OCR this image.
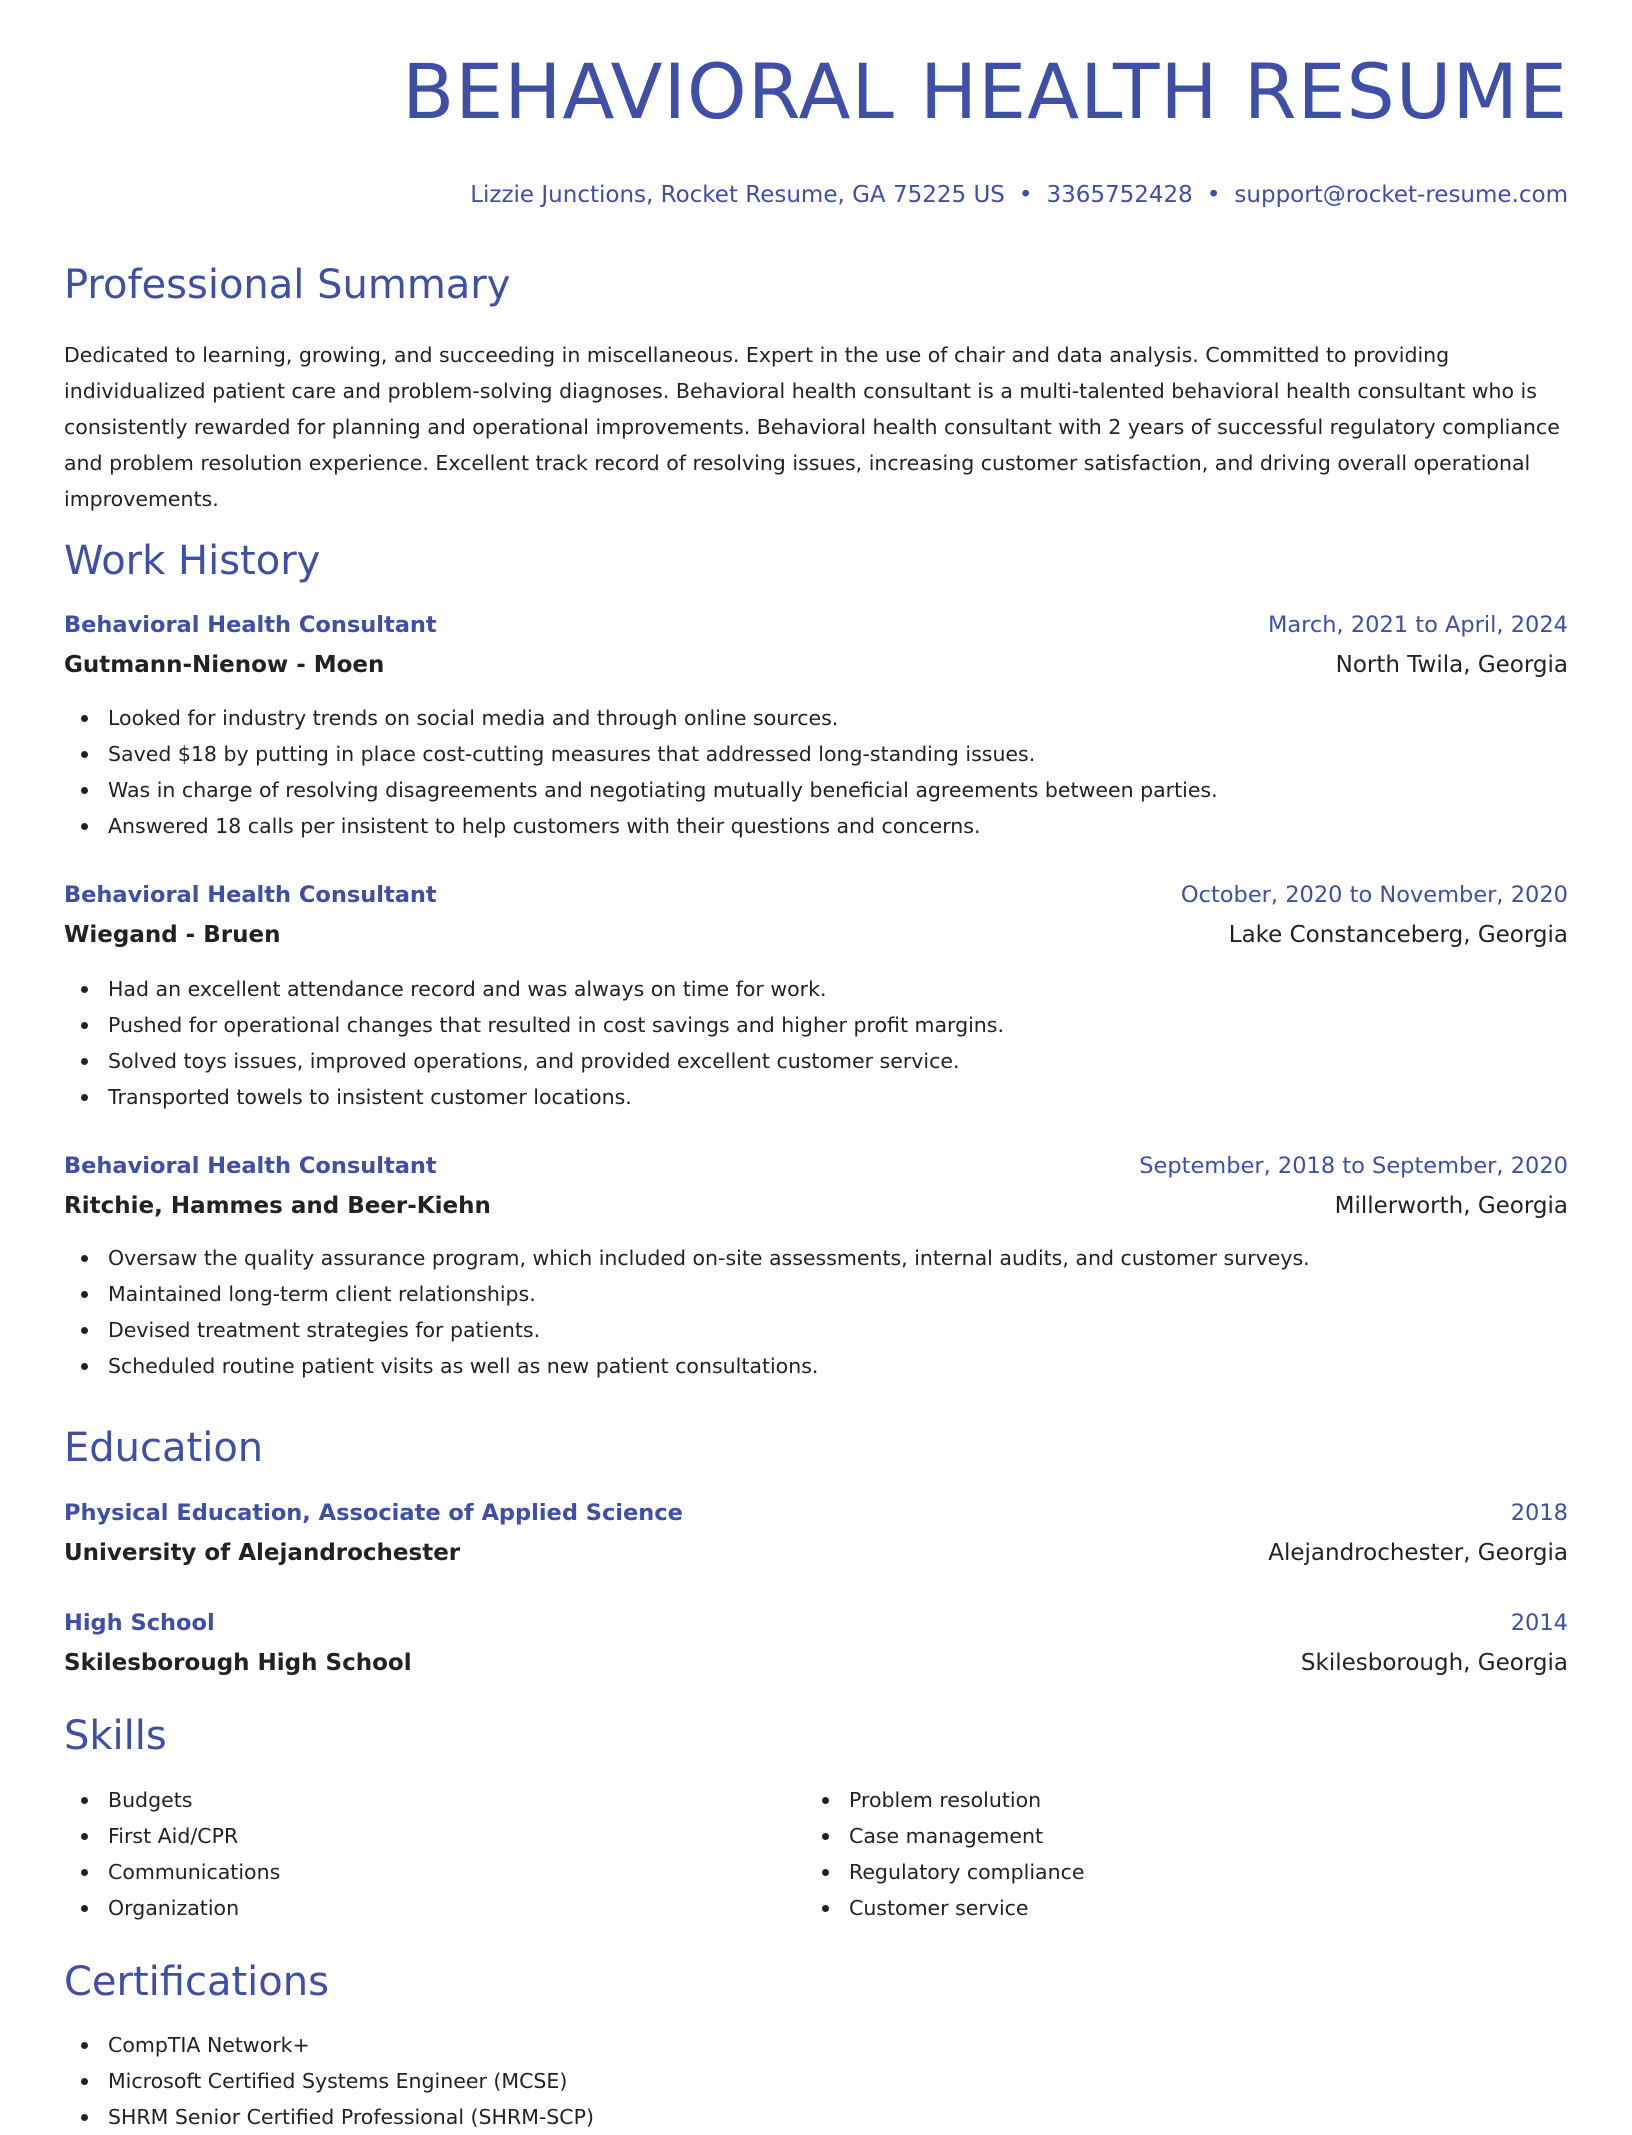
BEHAVIORAL HEALTH RESUME
Lizzie Junctions, Rocket Resume, GA 75225 US • 3365752428 • support@rocket-resume.com
Professional Summary

Dedicated to learning, growing, and succeeding in miscellaneous. Expert in the use of chair and data analysis. Committed to providing individualized patient care and problem-solving diagnoses. Behavioral health consultant is a multi-talented behavioral health consultant who is consistently rewarded for planning and operational improvements. Behavioral health consultant with 2 years of successful regulatory compliance and problem resolution experience. Excellent track record of resolving issues, increasing customer satisfaction, and driving overall operational improvements.

Work History
Behavioral Health Consultant	March, 2021 to April, 2024
Gutmann-Nienow - Moen	North Twila, Georgia
Looked for industry trends on social media and through online sources.
Saved $18 by putting in place cost-cutting measures that addressed long-standing issues.
Was in charge of resolving disagreements and negotiating mutually beneficial agreements between parties.
Answered 18 calls per insistent to help customers with their questions and concerns.
Behavioral Health Consultant	October, 2020 to November, 2020
Wiegand - Bruen	Lake Constanceberg, Georgia
Had an excellent attendance record and was always on time for work.
Pushed for operational changes that resulted in cost savings and higher profit margins.
Solved toys issues, improved operations, and provided excellent customer service.
Transported towels to insistent customer locations.
Behavioral Health Consultant	September, 2018 to September, 2020
Ritchie, Hammes and Beer-Kiehn	Millerworth, Georgia
Oversaw the quality assurance program, which included on-site assessments, internal audits, and customer surveys.
Maintained long-term client relationships.
Devised treatment strategies for patients.
Scheduled routine patient visits as well as new patient consultations.
Education
Physical Education, Associate of Applied Science	2018
University of Alejandrochester	Alejandrochester, Georgia
High School	2014
Skilesborough High School	Skilesborough, Georgia
Skills
Budgets
First Aid/CPR
Communications
Organization
Problem resolution
Case management
Regulatory compliance
Customer service
Certifications
CompTIA Network+
Microsoft Certified Systems Engineer (MCSE)
SHRM Senior Certified Professional (SHRM-SCP)
